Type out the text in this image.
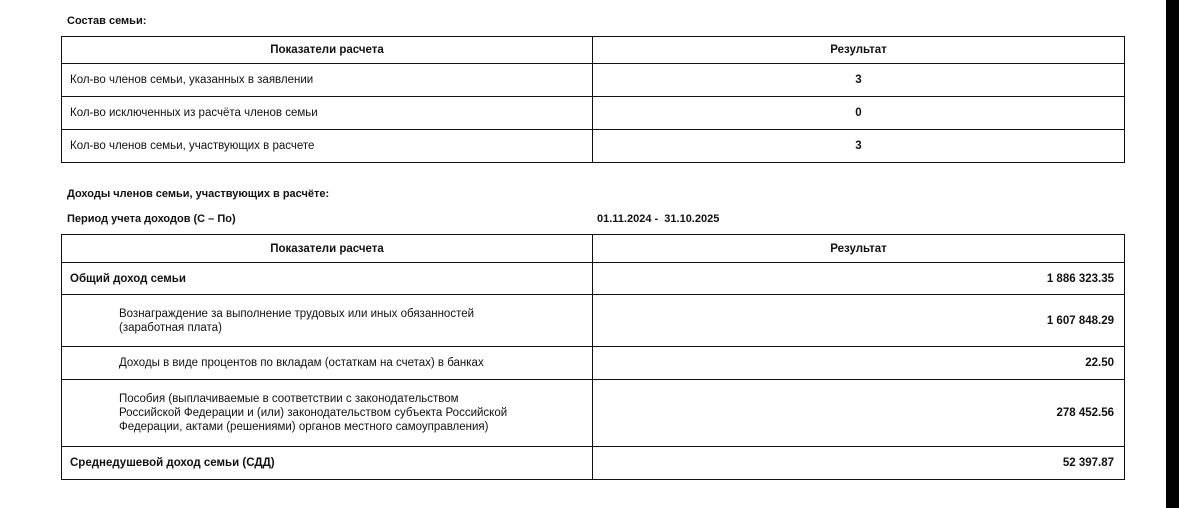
Состав семьи:
Показатели расчета	Результат
Кол-во членов семьи, указанных в заявлении	3
Кол-во исключенных из расчёта членов семьи	0
Кол-во членов семьи, участвующих в расчете	3
Доходы членов семьи, участвующих в расчёте:
Период учета доходов (С – По)	01.11.2024 -  31.10.2025
Показатели расчета	Результат
Общий доход семьи	1 886 323.35
Вознаграждение за выполнение трудовых или иных обязанностей
(заработная плата)	1 607 848.29
Доходы в виде процентов по вкладам (остаткам на счетах) в банках	22.50
Пособия (выплачиваемые в соответствии с законодательством
Российской Федерации и (или) законодательством субъекта Российской
Федерации, актами (решениями) органов местного самоуправления)	278 452.56
Среднедушевой доход семьи (СДД)	52 397.87
